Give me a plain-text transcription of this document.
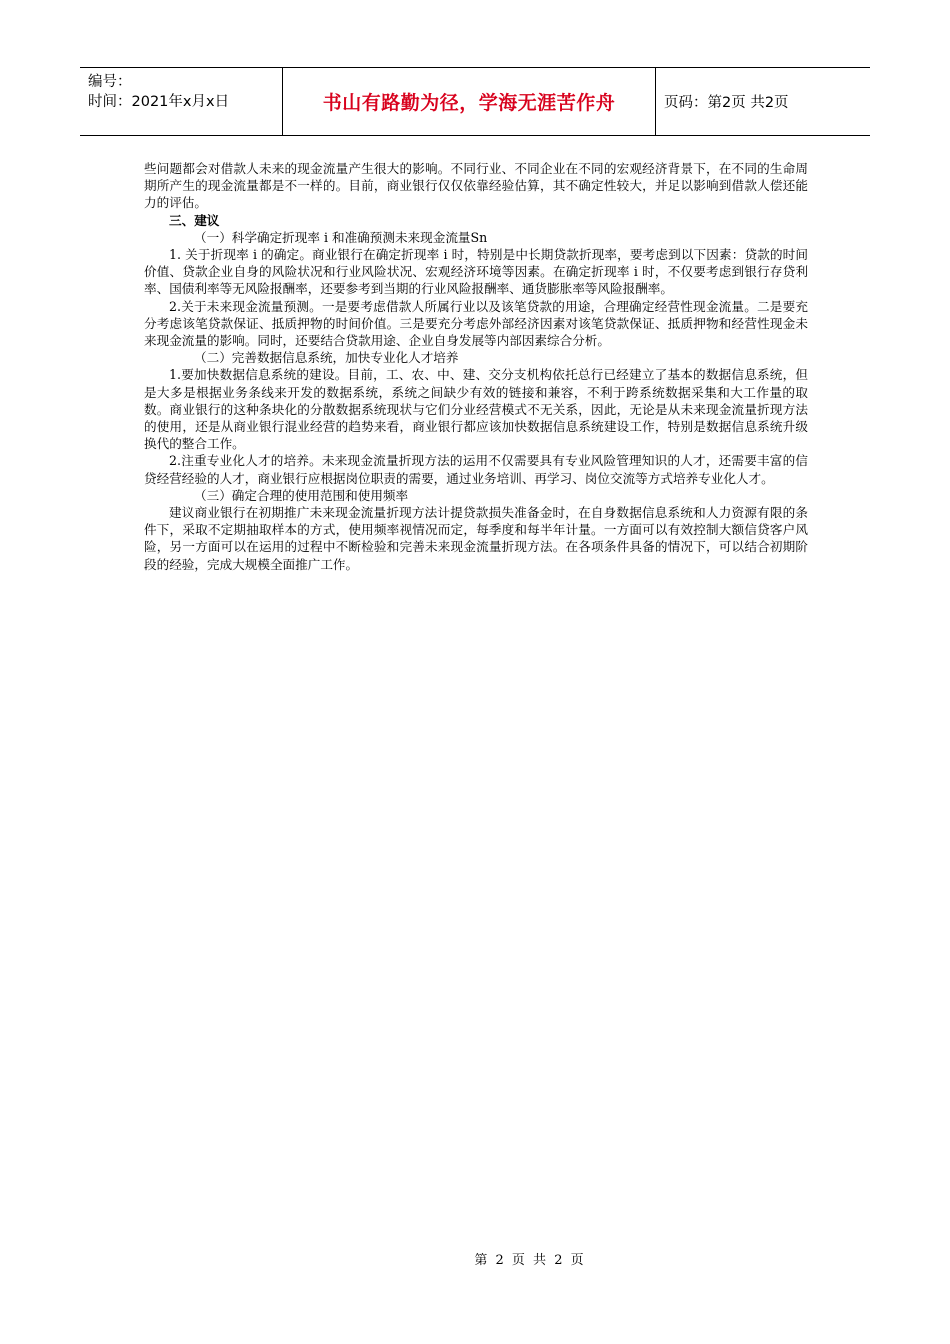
编号：
时间：2021年x月x日	书山有路勤为径，学海无涯苦作舟	页码：第2页 共2页

些问题都会对借款人未来的现金流量产生很大的影响。不同行业、不同企业在不同的宏观经济背景下，在不同的生命周期所产生的现金流量都是不一样的。目前，商业银行仅仅依靠经验估算，其不确定性较大，并足以影响到借款人偿还能力的评估。

三、建议

（一）科学确定折现率 i 和准确预测未来现金流量Sn

1. 关于折现率 i 的确定。商业银行在确定折现率 i 时，特别是中长期贷款折现率，要考虑到以下因素：贷款的时间价值、贷款企业自身的风险状况和行业风险状况、宏观经济环境等因素。在确定折现率 i 时，不仅要考虑到银行存贷利率、国债利率等无风险报酬率，还要参考到当期的行业风险报酬率、通货膨胀率等风险报酬率。

2.关于未来现金流量预测。一是要考虑借款人所属行业以及该笔贷款的用途，合理确定经营性现金流量。二是要充分考虑该笔贷款保证、抵质押物的时间价值。三是要充分考虑外部经济因素对该笔贷款保证、抵质押物和经营性现金未来现金流量的影响。同时，还要结合贷款用途、企业自身发展等内部因素综合分析。

（二）完善数据信息系统，加快专业化人才培养

1.要加快数据信息系统的建设。目前，工、农、中、建、交分支机构依托总行已经建立了基本的数据信息系统，但是大多是根据业务条线来开发的数据系统，系统之间缺少有效的链接和兼容，不利于跨系统数据采集和大工作量的取数。商业银行的这种条块化的分散数据系统现状与它们分业经营模式不无关系，因此，无论是从未来现金流量折现方法的使用，还是从商业银行混业经营的趋势来看，商业银行都应该加快数据信息系统建设工作，特别是数据信息系统升级换代的整合工作。

2.注重专业化人才的培养。未来现金流量折现方法的运用不仅需要具有专业风险管理知识的人才，还需要丰富的信贷经营经验的人才，商业银行应根据岗位职责的需要，通过业务培训、再学习、岗位交流等方式培养专业化人才。

（三）确定合理的使用范围和使用频率

建议商业银行在初期推广未来现金流量折现方法计提贷款损失准备金时，在自身数据信息系统和人力资源有限的条件下，采取不定期抽取样本的方式，使用频率视情况而定，每季度和每半年计量。一方面可以有效控制大额信贷客户风险，另一方面可以在运用的过程中不断检验和完善未来现金流量折现方法。在各项条件具备的情况下，可以结合初期阶段的经验，完成大规模全面推广工作。

第 2 页 共 2 页
